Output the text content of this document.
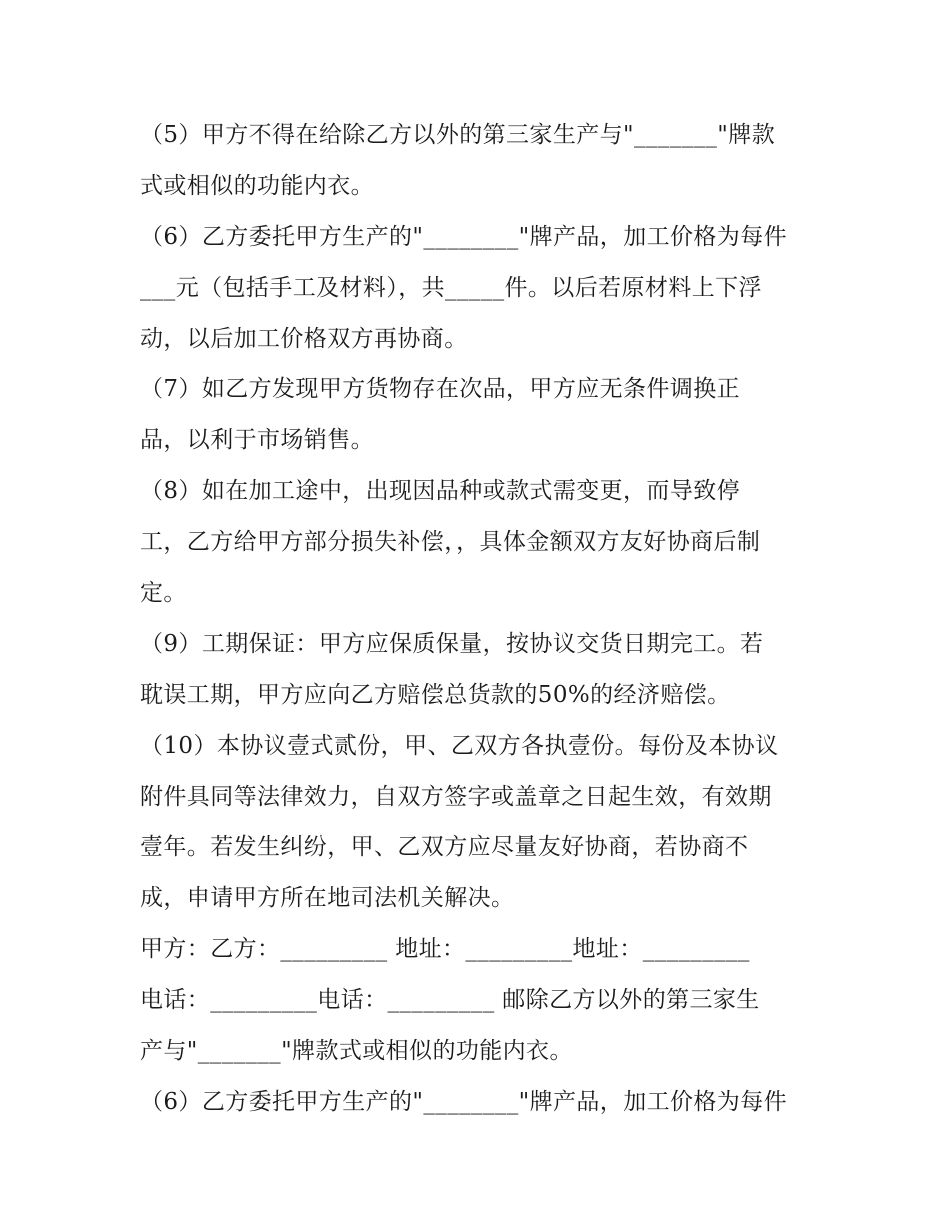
（5）甲方不得在给除乙方以外的第三家生产与"_______"牌款
式或相似的功能内衣。
（6）乙方委托甲方生产的"________"牌产品，加工价格为每件
___元（包括手工及材料），共_____件。以后若原材料上下浮
动，以后加工价格双方再协商。
（7）如乙方发现甲方货物存在次品，甲方应无条件调换正
品，以利于市场销售。
（8）如在加工途中，出现因品种或款式需变更，而导致停
工，乙方给甲方部分损失补偿，，具体金额双方友好协商后制
定。
（9）工期保证：甲方应保质保量，按协议交货日期完工。若
耽误工期，甲方应向乙方赔偿总货款的50%的经济赔偿。
（10）本协议壹式贰份，甲、乙双方各执壹份。每份及本协议
附件具同等法律效力，自双方签字或盖章之日起生效，有效期
壹年。若发生纠纷，甲、乙双方应尽量友好协商，若协商不
成，申请甲方所在地司法机关解决。
甲方：乙方：_________ 地址：_________地址：_________
电话：_________电话：_________ 邮除乙方以外的第三家生
产与"_______"牌款式或相似的功能内衣。
（6）乙方委托甲方生产的"________"牌产品，加工价格为每件
